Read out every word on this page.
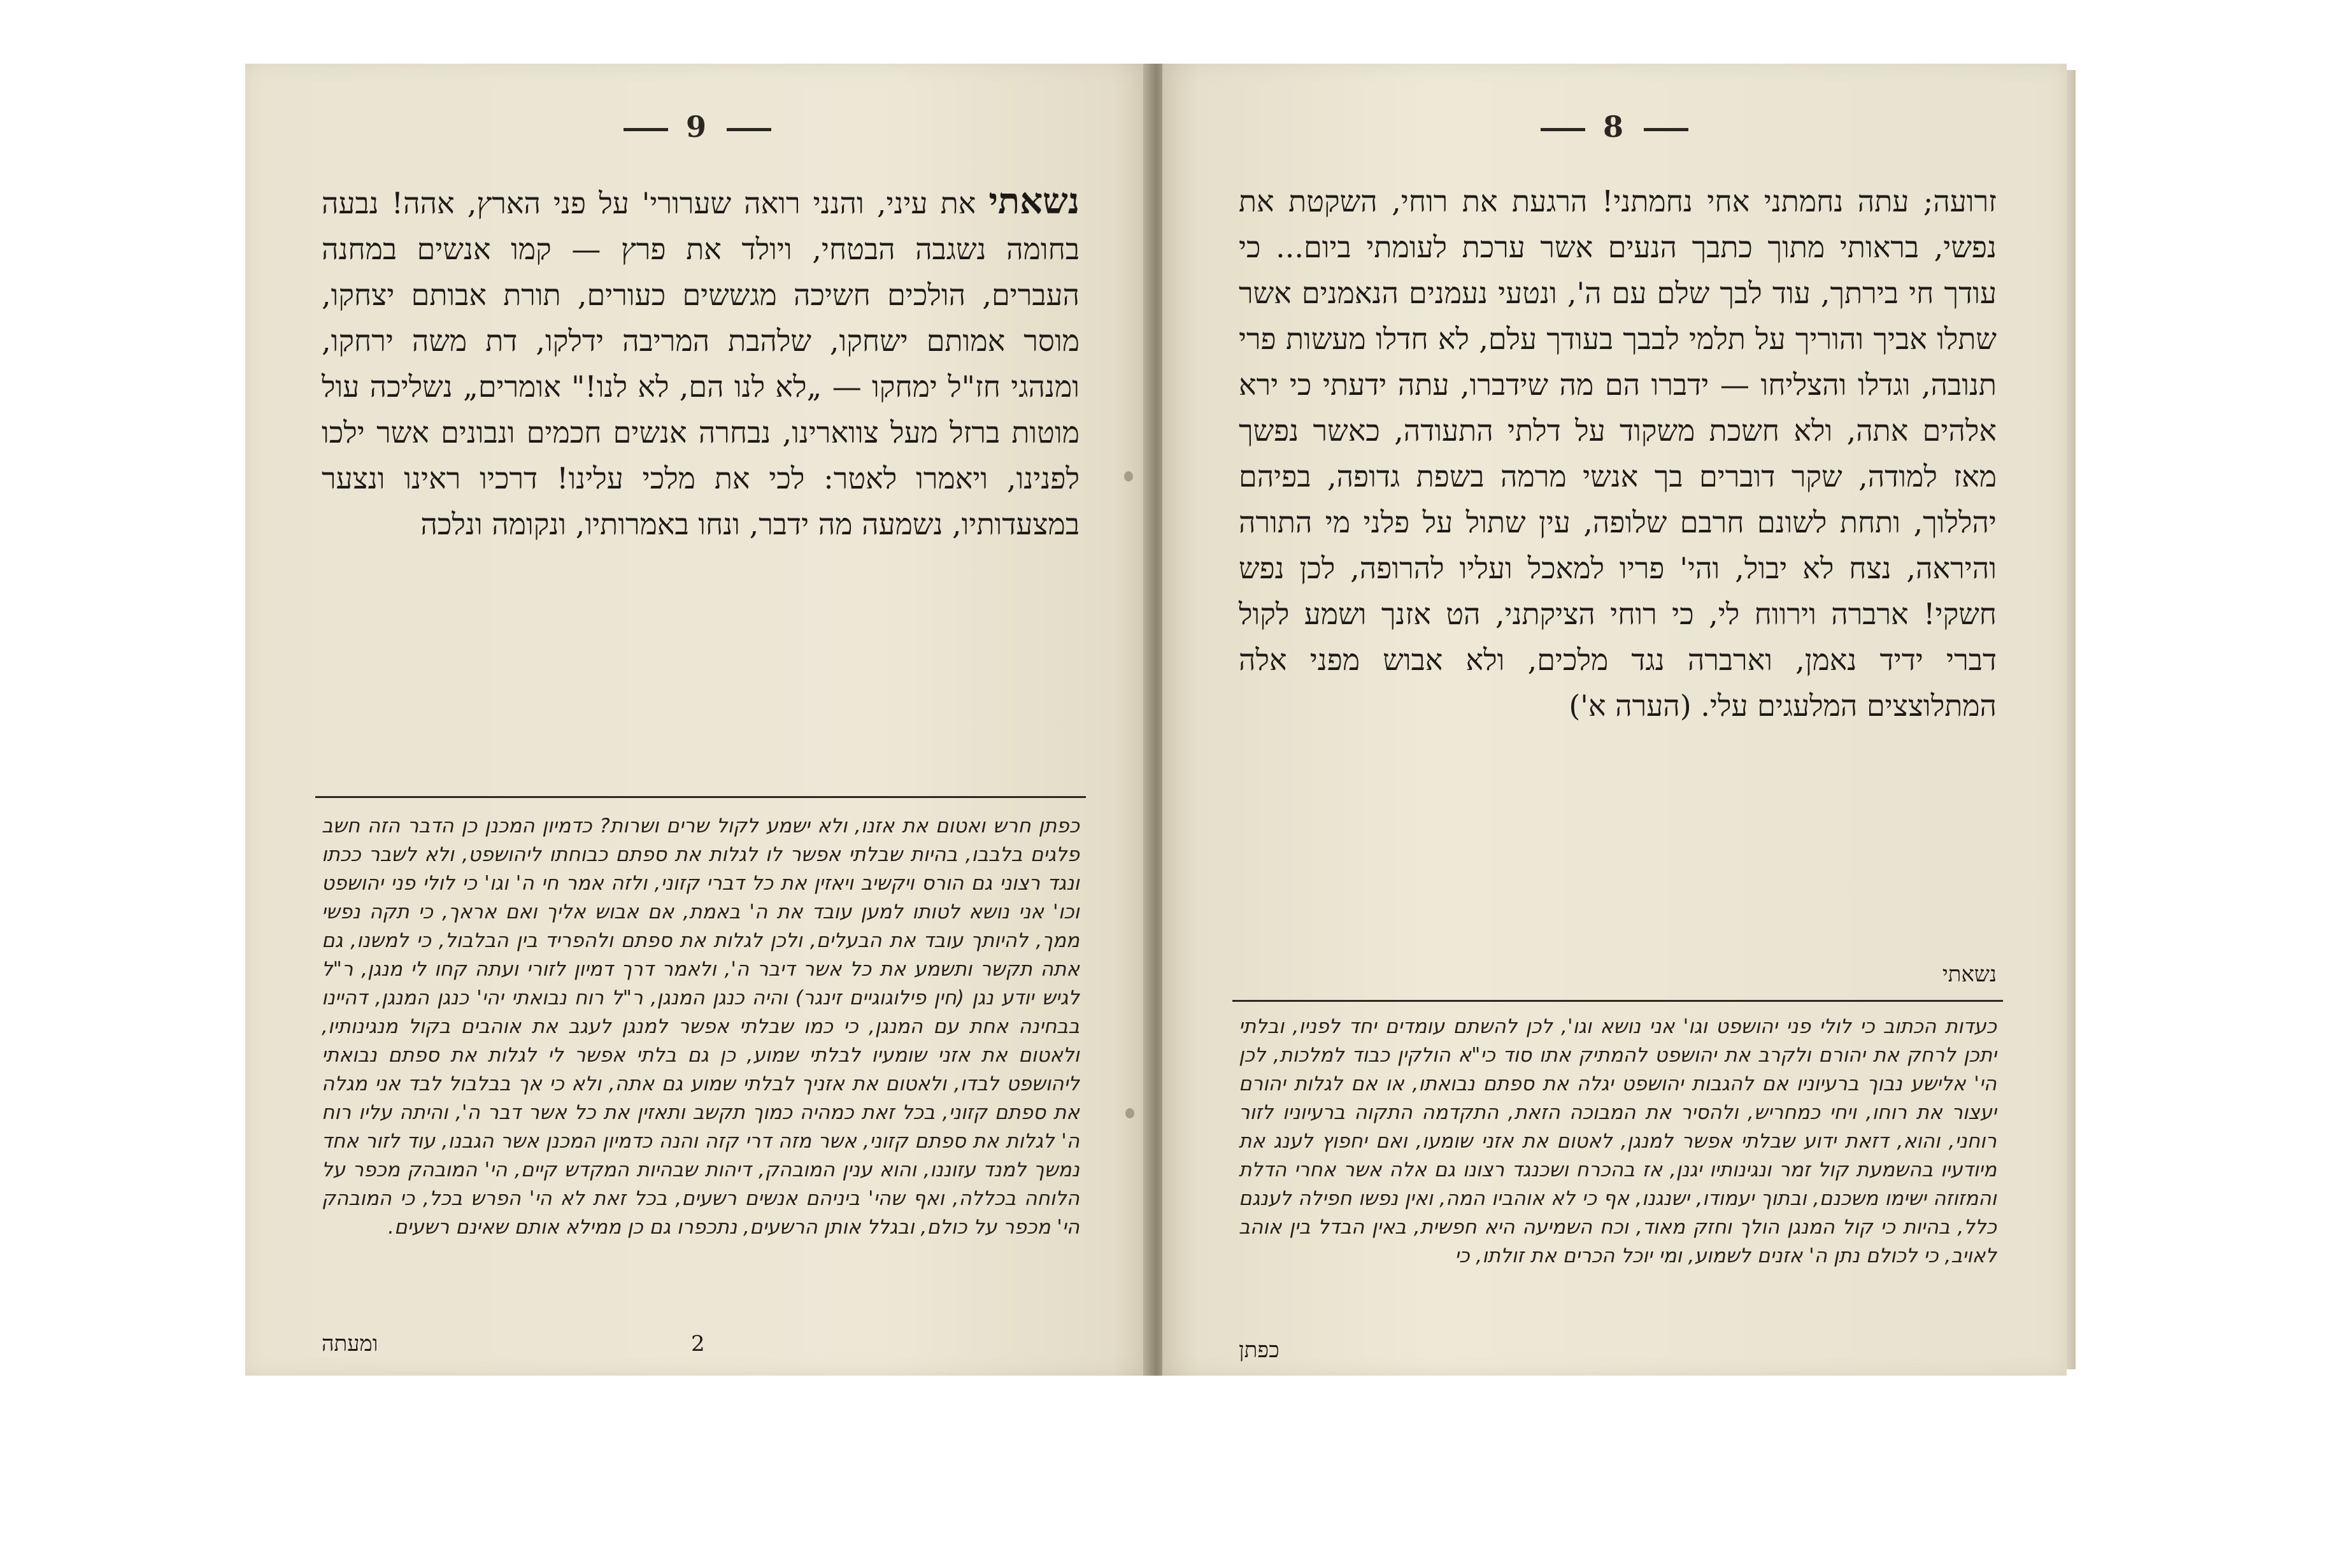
9

נשאתי את עיני, והנני רואה שערורי' על פני הארץ, אהה! נבעה בחומה נשגבה הבטחי, ויולד את פרץ — קמו אנשים במחנה העברים, הולכים חשיכה מגששים כעורים, תורת אבותם יצחקו, מוסר אמותם ישחקו, שלהבת המריבה ידלקו, דת משה ירחקו, ומנהגי חז"ל ימחקו — „לא לנו הם, לא לנו!" אומרים„ נשליכה עול מוטות ברזל מעל צווארינו, נבחרה אנשים חכמים ונבונים אשר ילכו לפנינו, ויאמרו לאטר: לכי את מלכי עלינו! דרכיו ראינו ונצער במצעדותיו, נשמעה מה ידבר, ונחו באמרותיו, ונקומה ונלכה

כפתן חרש ואטום את אזנו, ולא ישמע לקול שרים ושרות? כדמיון המכנן כן הדבר הזה חשב פלגים בלבבו, בהיות שבלתי אפשר לו לגלות את ספתם כבוחתו ליהושפט, ולא לשבר ככתו ונגד רצוני גם הורס ויקשיב ויאזין את כל דברי קזוני, ולזה אמר חי ה' וגו' כי לולי פני יהושפט וכו' אני נושא לטותו למען עובד את ה' באמת, אם אבוש אליך ואם אראך, כי תקה נפשי ממך, להיותך עובד את הבעלים, ולכן לגלות את ספתם ולהפריד בין הבלבול, כי למשנו, גם אתה תקשר ותשמע את כל אשר דיבר ה', ולאמר דרך דמיון לזורי ועתה קחו לי מנגן, ר"ל לגיש יודע נגן (חין פילוגוגיים זינגר) והיה כנגן המנגן, ר"ל רוח נבואתי יהי' כנגן המנגן, דהיינו בבחינה אחת עם המנגן, כי כמו שבלתי אפשר למנגן לעגב את אוהבים בקול מנגינותיו, ולאטום את אזני שומעיו לבלתי שמוע, כן גם בלתי אפשר לי לגלות את ספתם נבואתי ליהושפט לבדו, ולאטום את אזניך לבלתי שמוע גם אתה, ולא כי אך בבלבול לבד אני מגלה את ספתם קזוני, בכל זאת כמהיה כמוך תקשב ותאזין את כל אשר דבר ה', והיתה עליו רוח ה' לגלות את ספתם קזוני, אשר מזה דרי קזה והנה כדמיון המכנן אשר הגבנו, עוד לזור אחד נמשך למנד עזוננו, והוא ענין המובהק, דיהות שבהיות המקדש קיים, הי' המובהק מכפר על הלוחה בכללה, ואף שהי' ביניהם אנשים רשעים, בכל זאת לא הי' הפרש בכל, כי המובהק הי' מכפר על כולם, ובגלל אותן הרשעים, נתכפרו גם כן ממילא אותם שאינם רשעים.

ומעתה	2
8

זרועה; עתה נחמתני אחי נחמתני! הרגעת את רוחי, השקטת את נפשי, בראותי מתוך כתבך הנעים אשר ערכת לעומתי ביום... כי עודך חי בירתך, עוד לבך שלם עם ה', ונטעי נעמנים הנאמנים אשר שתלו אביך והוריך על תלמי לבבך בעודך עלם, לא חדלו מעשות פרי תנובה, וגדלו והצליחו — ידברו הם מה שידברו, עתה ידעתי כי ירא אלהים אתה, ולא חשכת משקוד על דלתי התעודה, כאשר נפשך מאז למודה, שקר דוברים בך אנשי מרמה בשפת גדופה, בפיהם יהללוך, ותחת לשונם חרבם שלופה, עין שתול על פלני מי התורה והיראה, נצח לא יבול, והי' פריו למאכל ועליו להרופה, לכן נפש חשקי! ארברה וירווח לי, כי רוחי הציקתני, הט אזנך ושמע לקול דברי ידיד נאמן, וארברה נגד מלכים, ולא אבוש מפני אלה המתלוצצים המלעגים עלי. (הערה א')

נשאתי

כעדות הכתוב כי לולי פני יהושפט וגו' אני נושא וגו', לכן להשתם עומדים יחד לפניו, ובלתי יתכן לרחק את יהורם ולקרב את יהושפט להמתיק אתו סוד כי"א הולקין כבוד למלכות, לכן הי' אלישע נבוך ברעיוניו אם להגבות יהושפט יגלה את ספתם נבואתו, או אם לגלות יהורם יעצור את רוחו, ויחי כמחריש, ולהסיר את המבוכה הזאת, התקדמה התקוה ברעיוניו לזור רוחני, והוא, דזאת ידוע שבלתי אפשר למנגן, לאטום את אזני שומעו, ואם יחפוץ לענג את מיודעיו בהשמעת קול זמר ונגינותיו יגנן, אז בהכרח ושכנגד רצונו גם אלה אשר אחרי הדלת והמזוזה ישימו משכנם, ובתוך יעמודו, ישנגנו, אף כי לא אוהביו המה, ואין נפשו חפילה לענגם כלל, בהיות כי קול המנגן הולך וחזק מאוד, וכח השמיעה היא חפשית, באין הבדל בין אוהב לאויב, כי לכולם נתן ה' אזנים לשמוע, ומי יוכל הכרים את זולתו, כי

כפתן
